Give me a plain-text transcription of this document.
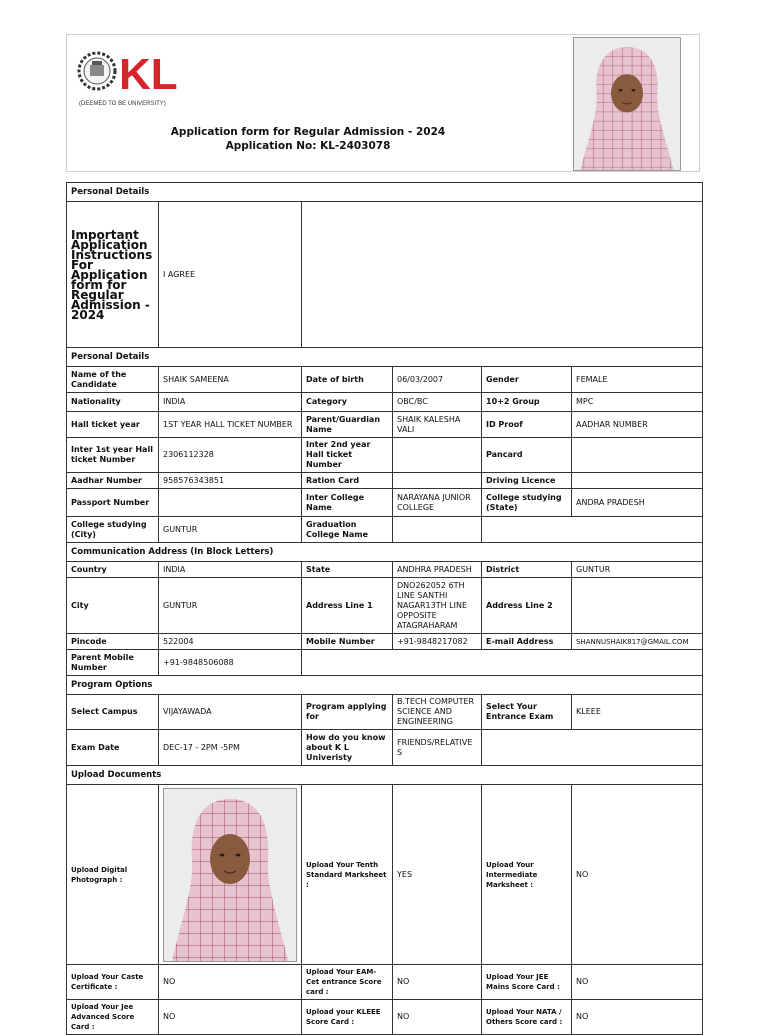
KL
(DEEMED TO BE UNIVERSITY)
Application form for Regular Admission - 2024
Application No: KL-2403078
Personal Details					
Important Application Instructions For Application form for Regular Admission - 2024	I AGREE				
Personal Details					
Name of the Candidate	SHAIK SAMEENA	Date of birth	06/03/2007	Gender	FEMALE
Nationality	INDIA	Category	OBC/BC	10+2 Group	MPC
Hall ticket year	1ST YEAR HALL TICKET NUMBER	Parent/Guardian Name	SHAIK KALESHA VALI	ID Proof	AADHAR NUMBER
Inter 1st year Hall ticket Number	2306112328	Inter 2nd year Hall ticket Number		Pancard	
Aadhar Number	958576343851	Ration Card		Driving Licence	
Passport Number		Inter College Name	NARAYANA JUNIOR COLLEGE	College studying (State)	ANDRA PRADESH
College studying (City)	GUNTUR	Graduation College Name			
Communication Address (In Block Letters)					
Country	INDIA	State	ANDHRA PRADESH	District	GUNTUR
City	GUNTUR	Address Line 1	DNO262052 6TH LINE SANTHI NAGAR13TH LINE OPPOSITE ATAGRAHARAM	Address Line 2	
Pincode	522004	Mobile Number	+91-9848217082	E-mail Address	SHANNUSHAIK817@GMAIL.COM
Parent Mobile Number	+91-9848506088				
Program Options					
Select Campus	VIJAYAWADA	Program applying for	B.TECH COMPUTER SCIENCE AND ENGINEERING	Select Your Entrance Exam	KLEEE
Exam Date	DEC-17 - 2PM -5PM	How do you know about K L Univeristy	FRIENDS/RELATIVES		
Upload Documents					
Upload Digital Photograph :		Upload Your Tenth Standard Marksheet :	YES	Upload Your Intermediate Marksheet :	NO
Upload Your Caste Certificate :	NO	Upload Your EAM-Cet entrance Score card :	NO	Upload Your JEE Mains Score Card :	NO
Upload Your Jee Advanced Score Card :	NO	Upload your KLEEE Score Card :	NO	Upload Your NATA / Others Score card :	NO
